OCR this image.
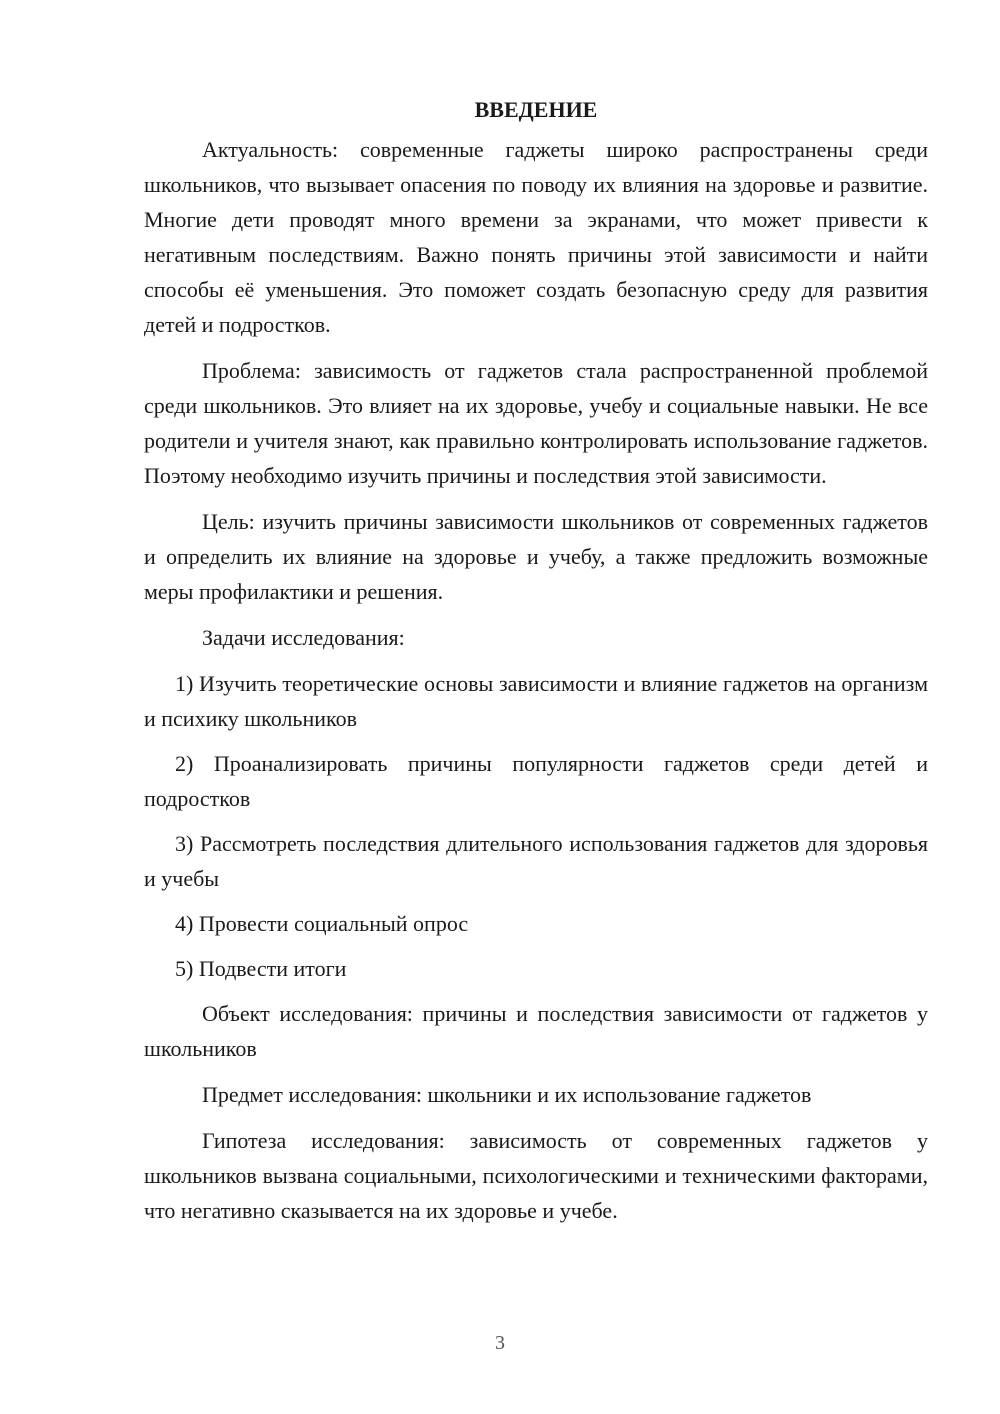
ВВЕДЕНИЕ

Актуальность: современные гаджеты широко распространены среди школьников, что вызывает опасения по поводу их влияния на здоровье и развитие. Многие дети проводят много времени за экранами, что может привести к негативным последствиям. Важно понять причины этой зависимости и найти способы её уменьшения. Это поможет создать безопасную среду для развития детей и подростков.

Проблема: зависимость от гаджетов стала распространенной проблемой среди школьников. Это влияет на их здоровье, учебу и социальные навыки. Не все родители и учителя знают, как правильно контролировать использование гаджетов. Поэтому необходимо изучить причины и последствия этой зависимости.

Цель: изучить причины зависимости школьников от современных гаджетов и определить их влияние на здоровье и учебу, а также предложить возможные меры профилактики и решения.

Задачи исследования:

1) Изучить теоретические основы зависимости и влияние гаджетов на организм и психику школьников

2) Проанализировать причины популярности гаджетов среди детей и подростков

3) Рассмотреть последствия длительного использования гаджетов для здоровья и учебы

4) Провести социальный опрос

5) Подвести итоги

Объект исследования: причины и последствия зависимости от гаджетов у школьников

Предмет исследования: школьники и их использование гаджетов

Гипотеза исследования: зависимость от современных гаджетов у школьников вызвана социальными, психологическими и техническими факторами, что негативно сказывается на их здоровье и учебе.

3
